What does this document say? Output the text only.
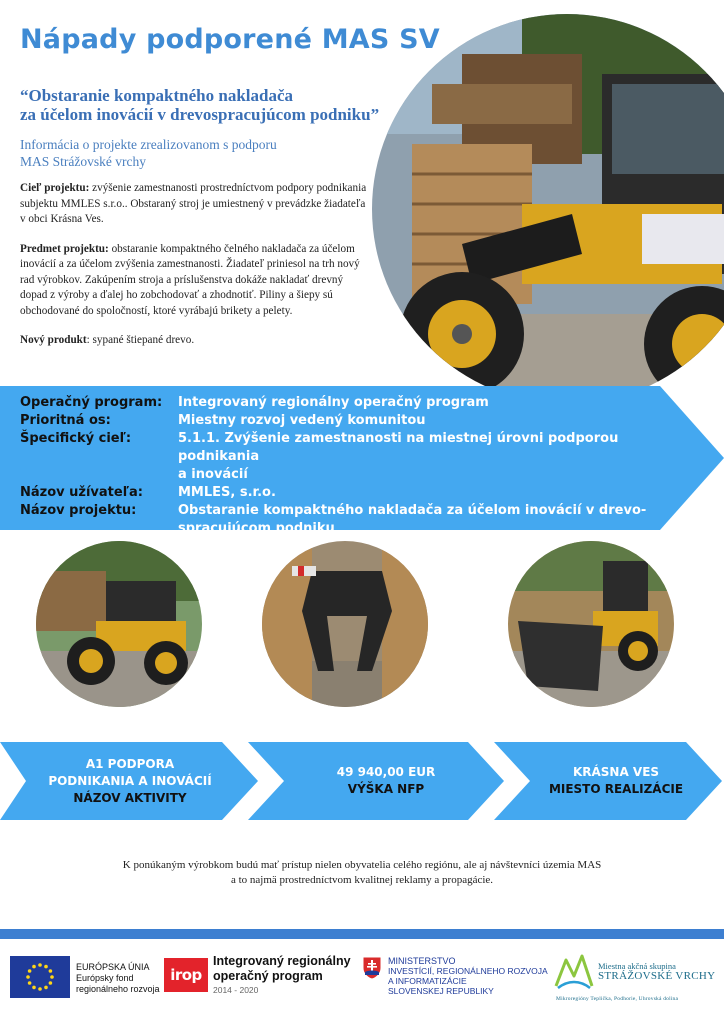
Nápady podporené MAS SV
“Obstaranie kompaktného nakladača
za účelom inovácií v drevospracujúcom podniku”
Informácia o projekte zrealizovanom s podporu
MAS Strážovské vrchy

Cieľ projektu: zvýšenie zamestnanosti prostredníctvom podpory podnikania subjektu MMLES s.r.o.. Obstaraný stroj je umiestnený v prevádzke žiadateľa v obci Krásna Ves.

Predmet projektu: obstaranie kompaktného čelného nakladača za účelom inovácií a za účelom zvýšenia zamestnanosti. Žiadateľ priniesol na trh nový rad výrobkov. Zakúpením stroja a príslušenstva dokáže nakladať drevný dopad z výroby a ďalej ho zobchodovať a zhodnotiť. Piliny a šiepy sú obchodované do spoločností, ktoré vyrábajú brikety a pelety.

Nový produkt: sypané štiepané drevo.

Operačný program:	Integrovaný regionálny operačný program
Prioritná os:	Miestny rozvoj vedený komunitou
Špecifický cieľ:	5.1.1. Zvýšenie zamestnanosti na miestnej úrovni podporou podnikania
a inovácií
Názov užívateľa:	MMLES, s.r.o.
Názov projektu:	Obstaranie kompaktného nakladača za účelom inovácií v drevo-
spracujúcom podniku
A1 PODPORA
PODNIKANIA A INOVÁCIÍ
NÁZOV AKTIVITY
49 940,00 EUR
VÝŠKA NFP
KRÁSNA VES
MIESTO REALIZÁCIE
K ponúkaným výrobkom budú mať prístup nielen obyvatelia celého regiónu, ale aj návštevníci územia MAS
a to najmä prostredníctvom kvalitnej reklamy a propagácie.
EURÓPSKA ÚNIA
Európsky fond
regionálneho rozvoja
irop
Integrovaný regionálny
operačný program
2014 - 2020
MINISTERSTVO
INVESTÍCIÍ, REGIONÁLNEHO ROZVOJA
A INFORMATIZÁCIE
SLOVENSKEJ REPUBLIKY
Miestna akčná skupina
STRÁŽOVSKÉ VRCHY
Mikroregióny Teplička, Podhorie, Uhrovská dolina
